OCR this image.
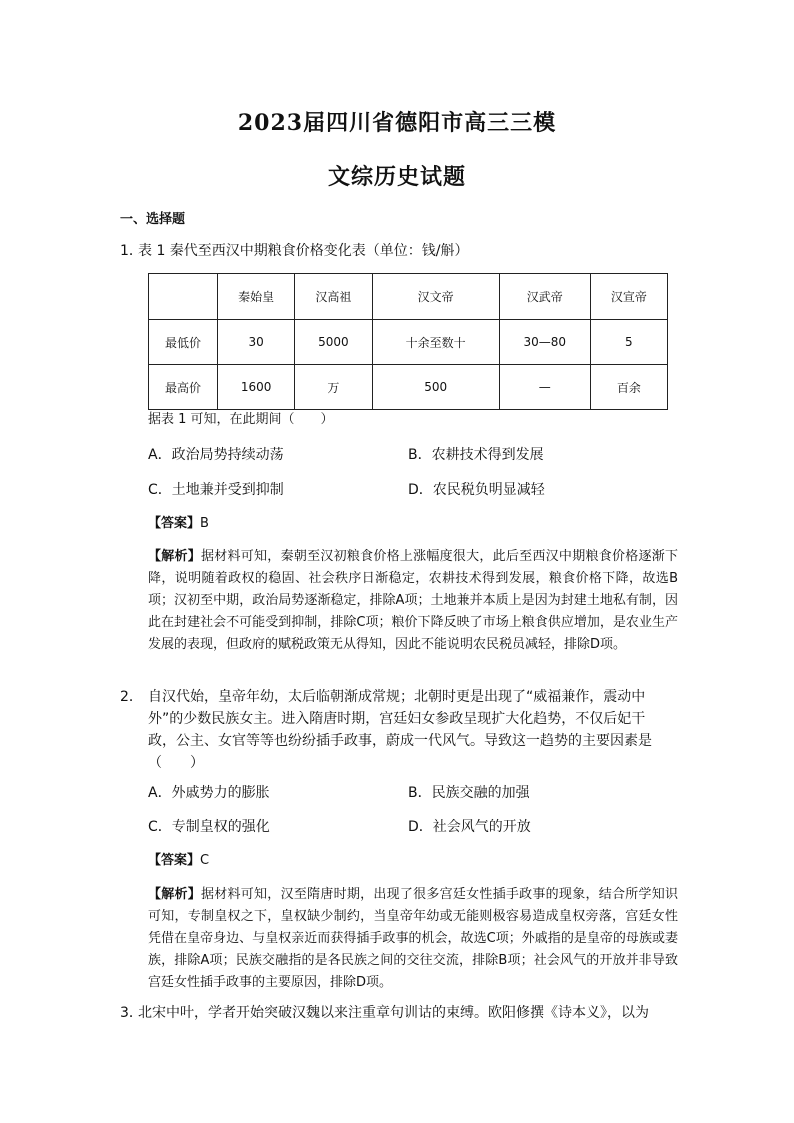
2023届四川省德阳市高三三模
文综历史试题
一、选择题
1．表 1 秦代至西汉中期粮食价格变化表（单位：钱/斛）
	秦始皇	汉高祖	汉文帝	汉武帝	汉宣帝
最低价	30	5000	十余至数十	30—80	5
最高价	1600	万	500	—	百余
据表 1 可知，在此期间（　　）
A．政治局势持续动荡	B．农耕技术得到发展
C．土地兼并受到抑制	D．农民税负明显减轻
【答案】B
【解析】据材料可知，秦朝至汉初粮食价格上涨幅度很大，此后至西汉中期粮食价格逐渐下降，说明随着政权的稳固、社会秩序日渐稳定，农耕技术得到发展，粮食价格下降，故选B项；汉初至中期，政治局势逐渐稳定，排除A项；土地兼并本质上是因为封建土地私有制，因此在封建社会不可能受到抑制，排除C项；粮价下降反映了市场上粮食供应增加，是农业生产发展的表现，但政府的赋税政策无从得知，因此不能说明农民税员减轻，排除D项。
2． 自汉代始，皇帝年幼，太后临朝渐成常规；北朝时更是出现了“威福兼作，震动中外”的少数民族女主。进入隋唐时期，宫廷妇女参政呈现扩大化趋势，不仅后妃干政，公主、女官等等也纷纷插手政事，蔚成一代风气。导致这一趋势的主要因素是（　　）
A．外戚势力的膨胀	B．民族交融的加强
C．专制皇权的强化	D．社会风气的开放
【答案】C
【解析】据材料可知，汉至隋唐时期，出现了很多宫廷女性插手政事的现象，结合所学知识可知，专制皇权之下，皇权缺少制约，当皇帝年幼或无能则极容易造成皇权旁落，宫廷女性凭借在皇帝身边、与皇权亲近而获得插手政事的机会，故选C项；外戚指的是皇帝的母族或妻族，排除A项；民族交融指的是各民族之间的交往交流，排除B项；社会风气的开放并非导致宫廷女性插手政事的主要原因，排除D项。
3．北宋中叶，学者开始突破汉魏以来注重章句训诂的束缚。欧阳修撰《诗本义》，以为
